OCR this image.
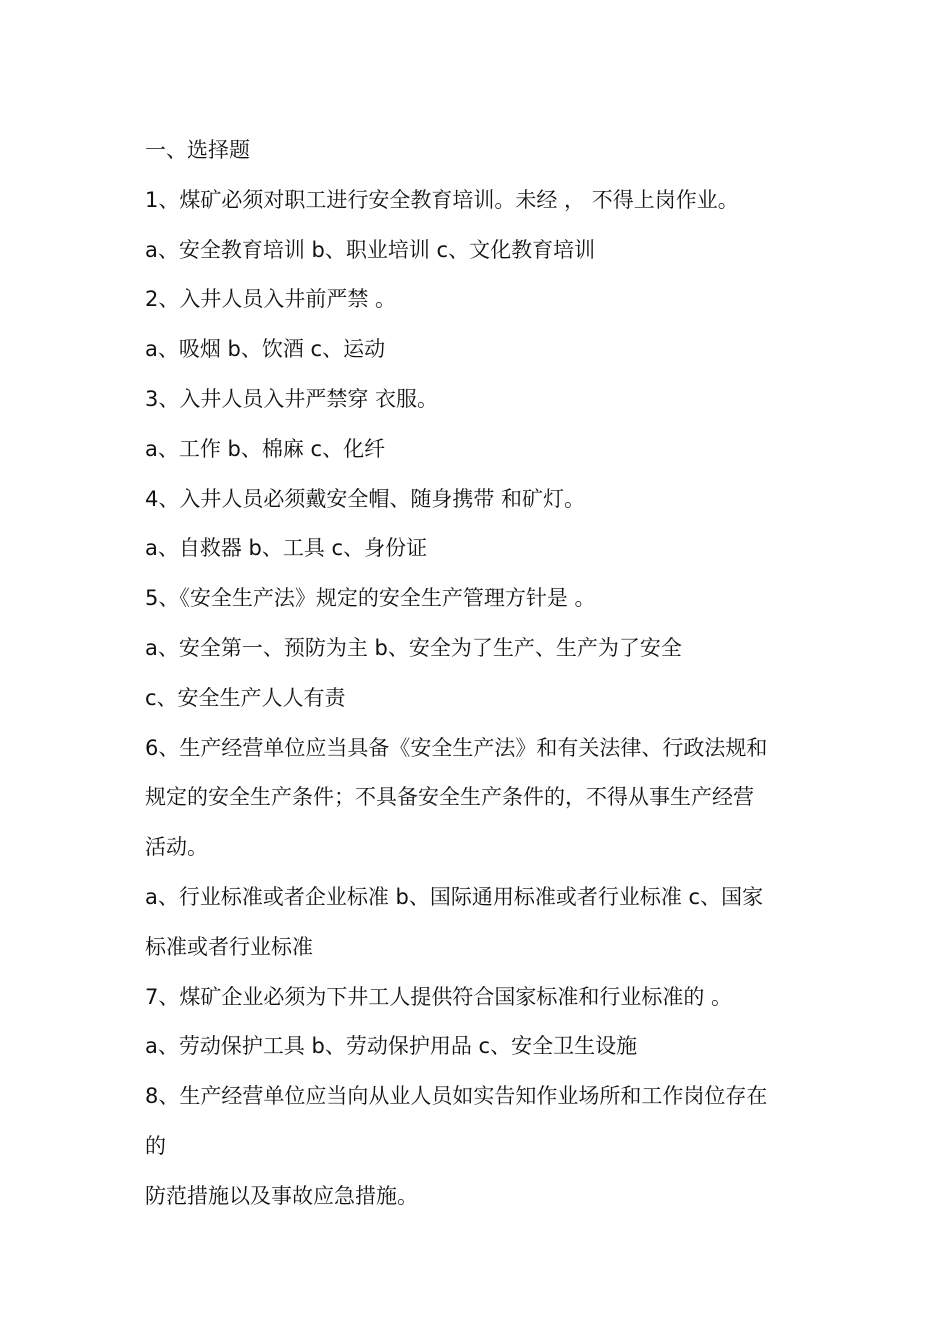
一、选择题
1、煤矿必须对职工进行安全教育培训。未经 ， 不得上岗作业。
a、安全教育培训 b、职业培训 c、文化教育培训
2、入井人员入井前严禁 。
a、吸烟 b、饮酒 c、运动
3、入井人员入井严禁穿 衣服。
a、工作 b、棉麻 c、化纤
4、入井人员必须戴安全帽、随身携带 和矿灯。
a、自救器 b、工具 c、身份证
5、《安全生产法》规定的安全生产管理方针是 。
a、安全第一、预防为主 b、安全为了生产、生产为了安全
c、安全生产人人有责
6、生产经营单位应当具备《安全生产法》和有关法律、行政法规和
规定的安全生产条件；不具备安全生产条件的，不得从事生产经营
活动。
a、行业标准或者企业标准 b、国际通用标准或者行业标准 c、国家
标准或者行业标准
7、煤矿企业必须为下井工人提供符合国家标准和行业标准的 。
a、劳动保护工具 b、劳动保护用品 c、安全卫生设施
8、生产经营单位应当向从业人员如实告知作业场所和工作岗位存在
的
防范措施以及事故应急措施。
